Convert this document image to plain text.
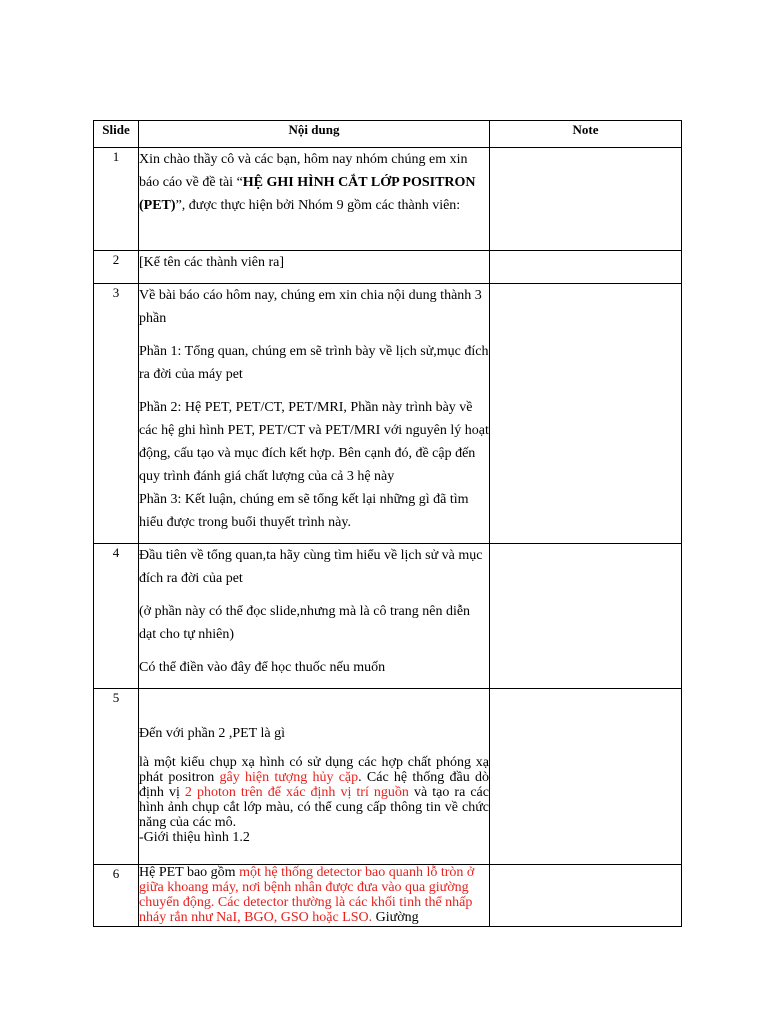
Slide	Nội dung	Note

1	Xin chào thầy cô và các bạn, hôm nay nhóm chúng em xin báo cáo về đề tài “HỆ GHI HÌNH CẮT LỚP POSITRON (PET)”, được thực hiện bởi Nhóm 9 gồm các thành viên:	

2	[Kể tên các thành viên ra]	

3	Về bài báo cáo hôm nay, chúng em xin chia nội dung thành 3 phần

Phần 1: Tổng quan, chúng em sẽ trình bày về lịch sử,mục đích ra đời của máy pet

Phần 2: Hệ PET, PET/CT, PET/MRI, Phần này trình bày về các hệ ghi hình PET, PET/CT và PET/MRI với nguyên lý hoạt động, cấu tạo và mục đích kết hợp. Bên cạnh đó, đề cập đến quy trình đánh giá chất lượng của cả 3 hệ này

Phần 3: Kết luận, chúng em sẽ tổng kết lại những gì đã tìm hiểu được trong buổi thuyết trình này.	

4	Đầu tiên về tổng quan,ta hãy cùng tìm hiểu về lịch sử và mục đích ra đời của pet

(ở phần này có thể đọc slide,nhưng mà là cô trang nên diễn dạt cho tự nhiên)

Có thể điền vào đây để học thuốc nếu muốn	

5	Đến với phần 2 ,PET là gì

là một kiểu chụp xạ hình có sử dụng các hợp chất phóng xạ phát positron gây hiện tượng hủy cặp. Các hệ thống đầu dò định vị 2 photon trên để xác định vị trí nguồn và tạo ra các hình ảnh chụp cắt lớp màu, có thể cung cấp thông tin về chức năng của các mô.

-Giới thiệu hình 1.2	

6	Hệ PET bao gồm một hệ thống detector bao quanh lỗ tròn ở giữa khoang máy, nơi bệnh nhân được đưa vào qua giường chuyển động. Các detector thường là các khối tinh thể nhấp nháy rắn như NaI, BGO, GSO hoặc LSO. Giường	
